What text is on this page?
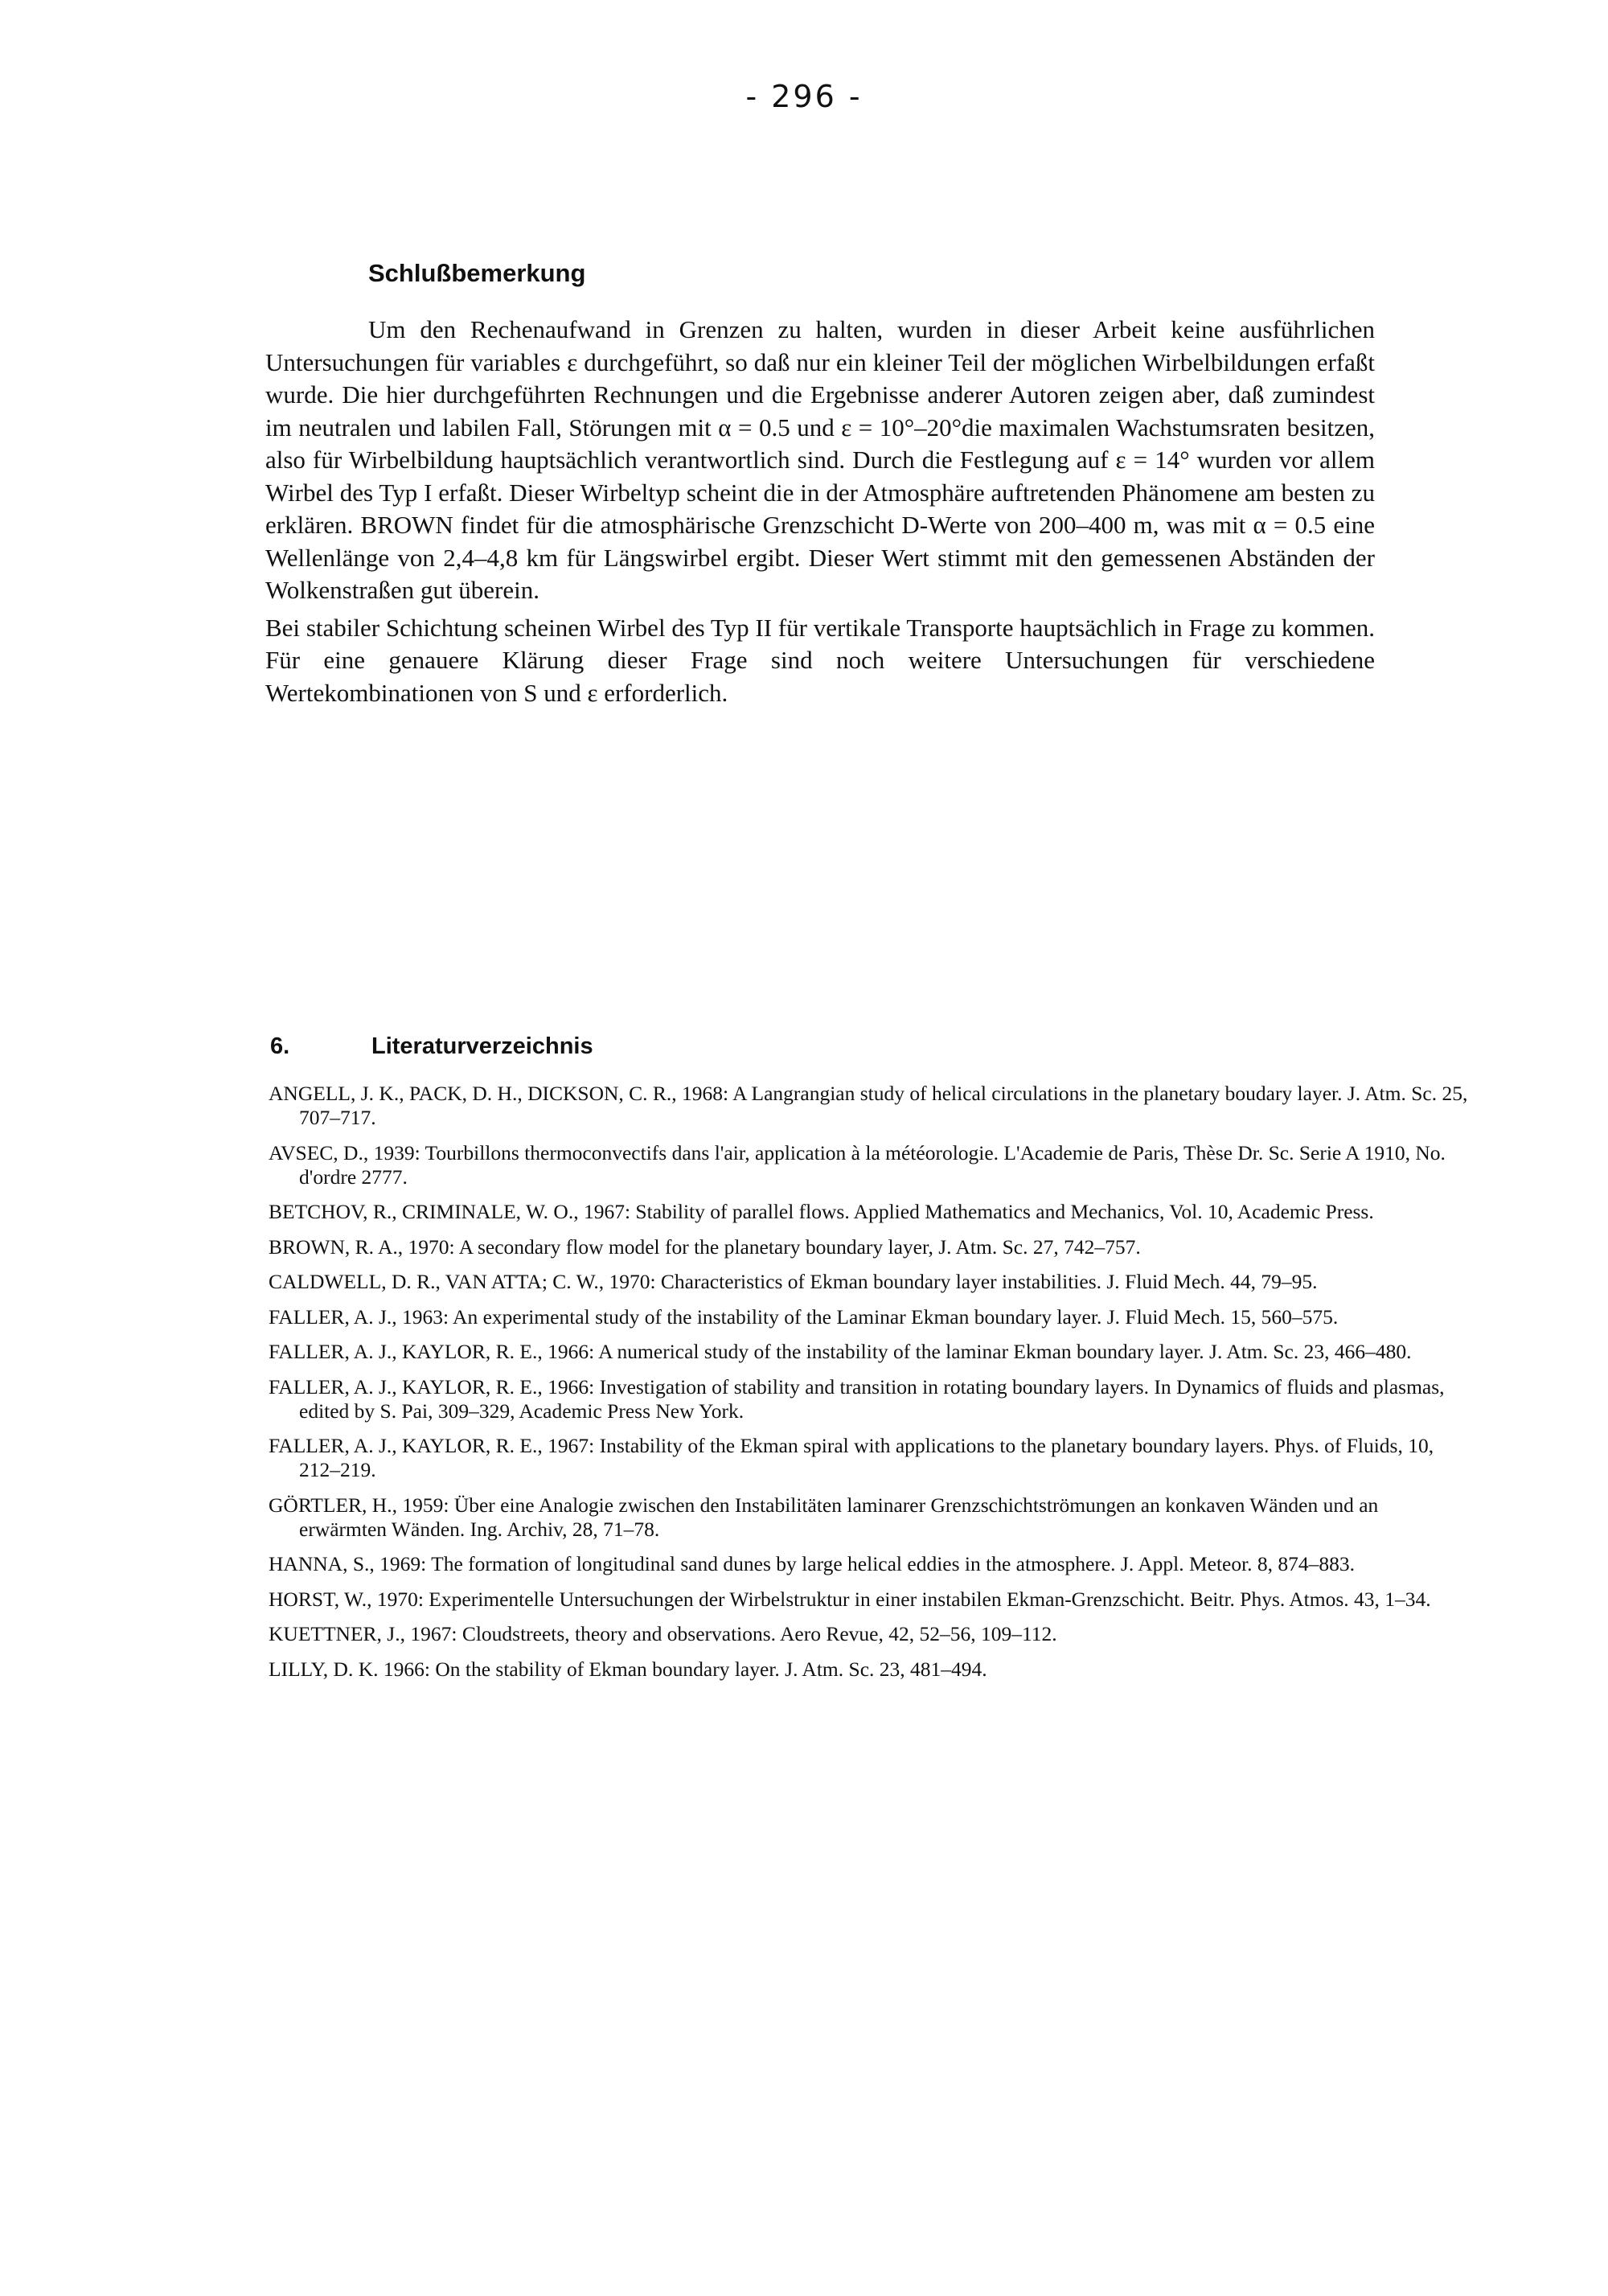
- 296 -
Schlußbemerkung

Um den Rechenaufwand in Grenzen zu halten, wurden in dieser Arbeit keine ausführlichen Untersuchungen für variables ε durchgeführt, so daß nur ein kleiner Teil der möglichen Wirbelbildungen erfaßt wurde. Die hier durchgeführten Rechnungen und die Ergebnisse anderer Autoren zeigen aber, daß zumindest im neutralen und labilen Fall, Störungen mit α = 0.5 und ε = 10°–20°die maximalen Wachstumsraten besitzen, also für Wirbelbildung hauptsächlich verantwortlich sind. Durch die Festlegung auf ε = 14° wurden vor allem Wirbel des Typ I erfaßt. Dieser Wirbeltyp scheint die in der Atmosphäre auftretenden Phänomene am besten zu erklären. BROWN findet für die atmosphärische Grenzschicht D-Werte von 200–400 m, was mit α = 0.5 eine Wellenlänge von 2,4–4,8 km für Längswirbel ergibt. Dieser Wert stimmt mit den gemessenen Abständen der Wolkenstraßen gut überein.

Bei stabiler Schichtung scheinen Wirbel des Typ II für vertikale Transporte hauptsächlich in Frage zu kommen. Für eine genauere Klärung dieser Frage sind noch weitere Untersuchungen für verschiedene Wertekombinationen von S und ε erforderlich.

6.	Literaturverzeichnis
ANGELL, J. K., PACK, D. H., DICKSON, C. R., 1968: A Langrangian study of helical circulations in the planetary boudary layer. J. Atm. Sc. 25, 707–717.
AVSEC, D., 1939: Tourbillons thermoconvectifs dans l'air, application à la météorologie. L'Academie de Paris, Thèse Dr. Sc. Serie A 1910, No. d'ordre 2777.
BETCHOV, R., CRIMINALE, W. O., 1967: Stability of parallel flows. Applied Mathematics and Mechanics, Vol. 10, Academic Press.
BROWN, R. A., 1970: A secondary flow model for the planetary boundary layer, J. Atm. Sc. 27, 742–757.
CALDWELL, D. R., VAN ATTA; C. W., 1970: Characteristics of Ekman boundary layer instabilities. J. Fluid Mech. 44, 79–95.
FALLER, A. J., 1963: An experimental study of the instability of the Laminar Ekman boundary layer. J. Fluid Mech. 15, 560–575.
FALLER, A. J., KAYLOR, R. E., 1966: A numerical study of the instability of the laminar Ekman boundary layer. J. Atm. Sc. 23, 466–480.
FALLER, A. J., KAYLOR, R. E., 1966: Investigation of stability and transition in rotating boundary layers. In Dynamics of fluids and plasmas, edited by S. Pai, 309–329, Academic Press New York.
FALLER, A. J., KAYLOR, R. E., 1967: Instability of the Ekman spiral with applications to the planetary boundary layers. Phys. of Fluids, 10, 212–219.
GÖRTLER, H., 1959: Über eine Analogie zwischen den Instabilitäten laminarer Grenzschichtströmungen an konkaven Wänden und an erwärmten Wänden. Ing. Archiv, 28, 71–78.
HANNA, S., 1969: The formation of longitudinal sand dunes by large helical eddies in the atmosphere. J. Appl. Meteor. 8, 874–883.
HORST, W., 1970: Experimentelle Untersuchungen der Wirbelstruktur in einer instabilen Ekman-Grenzschicht. Beitr. Phys. Atmos. 43, 1–34.
KUETTNER, J., 1967: Cloudstreets, theory and observations. Aero Revue, 42, 52–56, 109–112.
LILLY, D. K. 1966: On the stability of Ekman boundary layer. J. Atm. Sc. 23, 481–494.
